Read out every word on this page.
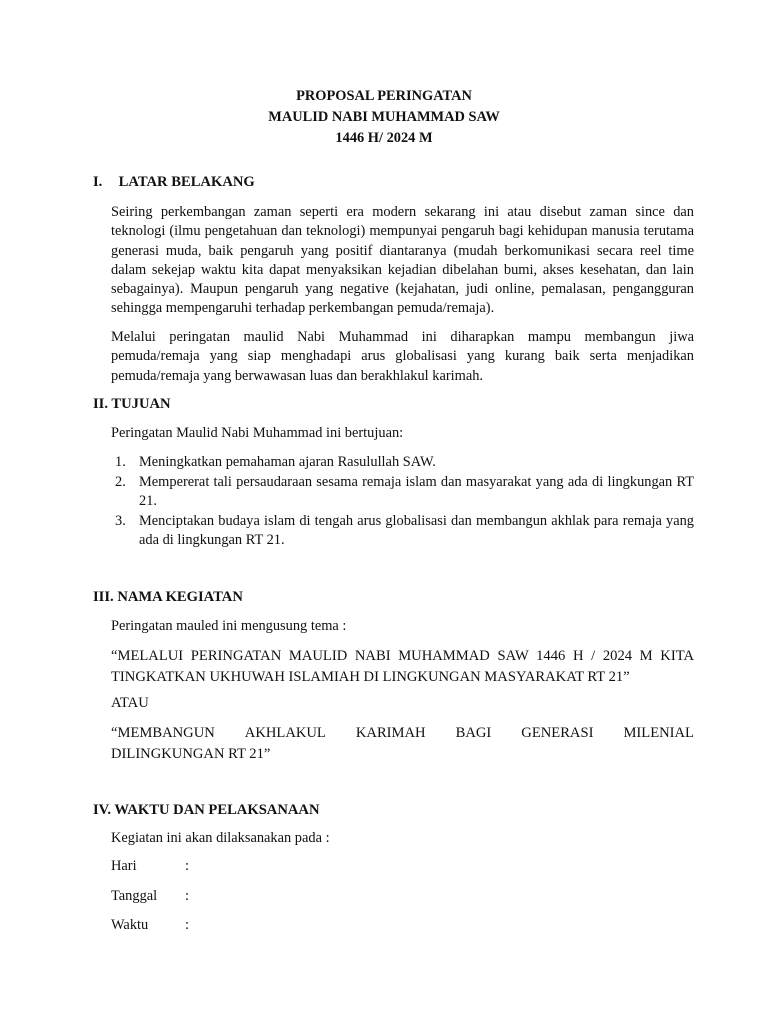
PROPOSAL PERINGATAN
MAULID NABI MUHAMMAD SAW
1446 H/ 2024 M
I. LATAR BELAKANG

Seiring perkembangan zaman seperti era modern sekarang ini atau disebut zaman since dan teknologi (ilmu pengetahuan dan teknologi) mempunyai pengaruh bagi kehidupan manusia terutama generasi muda, baik pengaruh yang positif diantaranya (mudah berkomunikasi secara reel time dalam sekejap waktu kita dapat menyaksikan kejadian dibelahan bumi, akses kesehatan, dan lain sebagainya). Maupun pengaruh yang negative (kejahatan, judi online, pemalasan, pengangguran sehingga mempengaruhi terhadap perkembangan pemuda/remaja).

Melalui peringatan maulid Nabi Muhammad ini diharapkan mampu membangun jiwa pemuda/remaja yang siap menghadapi arus globalisasi yang kurang baik serta menjadikan pemuda/remaja yang berwawasan luas dan berakhlakul karimah.

II. TUJUAN

Peringatan Maulid Nabi Muhammad ini bertujuan:

1. Meningkatkan pemahaman ajaran Rasulullah SAW.
2. Mempererat tali persaudaraan sesama remaja islam dan masyarakat yang ada di lingkungan RT 21.
3. Menciptakan budaya islam di tengah arus globalisasi dan membangun akhlak para remaja yang ada di lingkungan RT 21.
III. NAMA KEGIATAN

Peringatan mauled ini mengusung tema :

“MELALUI PERINGATAN MAULID NABI MUHAMMAD SAW 1446 H / 2024 M KITA TINGKATKAN UKHUWAH ISLAMIAH DI LINGKUNGAN MASYARAKAT RT 21”

ATAU

“MEMBANGUN AKHLAKUL KARIMAH BAGI GENERASI MILENIAL
DILINGKUNGAN RT 21”
IV. WAKTU DAN PELAKSANAAN

Kegiatan ini akan dilaksanakan pada :

Hari	:

Tanggal :

Waktu	:
